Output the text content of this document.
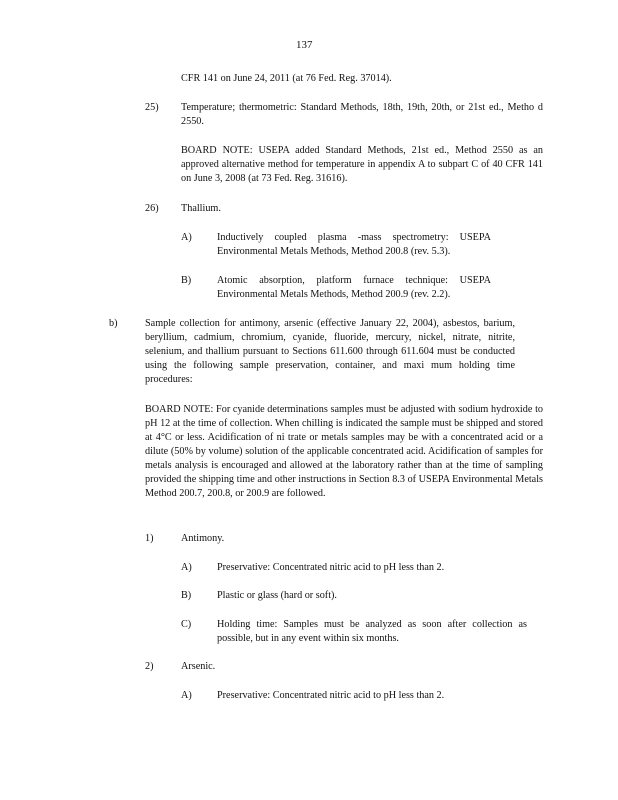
137
CFR 141 on June 24, 2011 (at 76 Fed. Reg. 37014).
25) Temperature; thermometric: Standard Methods, 18th, 19th, 20th, or 21st ed., Metho d 2550.
BOARD NOTE: USEPA added Standard Methods, 21st ed., Method 2550 as an approved alternative method for temperature in appendix A to subpart C of 40 CFR 141 on June 3, 2008 (at 73 Fed. Reg. 31616).
26) Thallium.
A) Inductively coupled plasma -mass spectrometry: USEPA Environmental Metals Methods, Method 200.8 (rev. 5.3).
B)	Atomic absorption, platform furnace technique: USEPA Environmental Metals Methods, Method 200.9 (rev. 2.2).
b)	Sample collection for antimony, arsenic (effective January 22, 2004), asbestos, barium, beryllium, cadmium, chromium, cyanide, fluoride, mercury, nickel, nitrate, nitrite, selenium, and thallium pursuant to Sections 611.600 through 611.604 must be conducted using the following sample preservation, container, and maxi mum holding time procedures:
BOARD NOTE: For cyanide determinations samples must be adjusted with sodium hydroxide to pH 12 at the time of collection. When chilling is indicated the sample must be shipped and stored at 4°C or less. Acidification of ni trate or metals samples may be with a concentrated acid or a dilute (50% by volume) solution of the applicable concentrated acid. Acidification of samples for metals analysis is encouraged and allowed at the laboratory rather than at the time of sampling provided the shipping time and other instructions in Section 8.3 of USEPA Environmental Metals Method 200.7, 200.8, or 200.9 are followed.
1)	Antimony.
A) Preservative: Concentrated nitric acid to pH less than 2.
B)	Plastic or glass (hard or soft).
C)	Holding time: Samples must be analyzed as soon after collection as possible, but in any event within six months.
2)	Arsenic.
A) Preservative: Concentrated nitric acid to pH less than 2.
